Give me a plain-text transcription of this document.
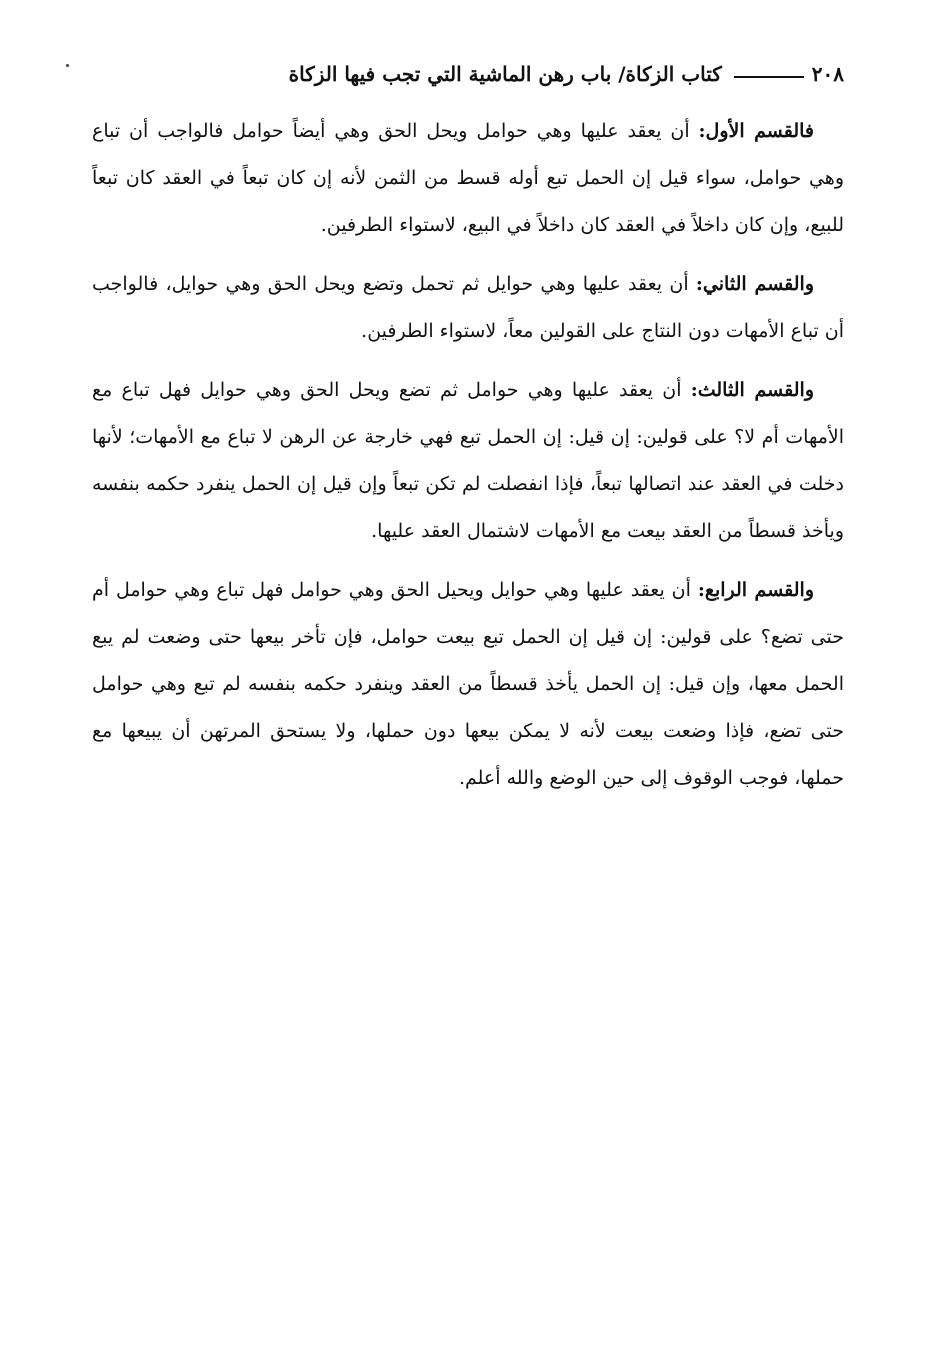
٢٠٨
كتاب الزكاة/ باب رهن الماشية التي تجب فيها الزكاة

فالقسم الأول: أن يعقد عليها وهي حوامل ويحل الحق وهي أيضاً حوامل فالواجب أن تباع وهي حوامل، سواء قيل إن الحمل تبع أوله قسط من الثمن لأنه إن كان تبعاً في العقد كان تبعاً للبيع، وإن كان داخلاً في العقد كان داخلاً في البيع، لاستواء الطرفين.

والقسم الثاني: أن يعقد عليها وهي حوايل ثم تحمل وتضع ويحل الحق وهي حوايل، فالواجب أن تباع الأمهات دون النتاج على القولين معاً، لاستواء الطرفين.

والقسم الثالث: أن يعقد عليها وهي حوامل ثم تضع ويحل الحق وهي حوايل فهل تباع مع الأمهات أم لا؟ على قولين: إن قيل: إن الحمل تبع فهي خارجة عن الرهن لا تباع مع الأمهات؛ لأنها دخلت في العقد عند اتصالها تبعاً، فإذا انفصلت لم تكن تبعاً وإن قيل إن الحمل ينفرد حكمه بنفسه ويأخذ قسطاً من العقد بيعت مع الأمهات لاشتمال العقد عليها.

والقسم الرابع: أن يعقد عليها وهي حوايل ويحيل الحق وهي حوامل فهل تباع وهي حوامل أم حتى تضع؟ على قولين: إن قيل إن الحمل تبع بيعت حوامل، فإن تأخر بيعها حتى وضعت لم يبع الحمل معها، وإن قيل: إن الحمل يأخذ قسطاً من العقد وينفرد حكمه بنفسه لم تبع وهي حوامل حتى تضع، فإذا وضعت بيعت لأنه لا يمكن بيعها دون حملها، ولا يستحق المرتهن أن يبيعها مع حملها، فوجب الوقوف إلى حين الوضع والله أعلم.
